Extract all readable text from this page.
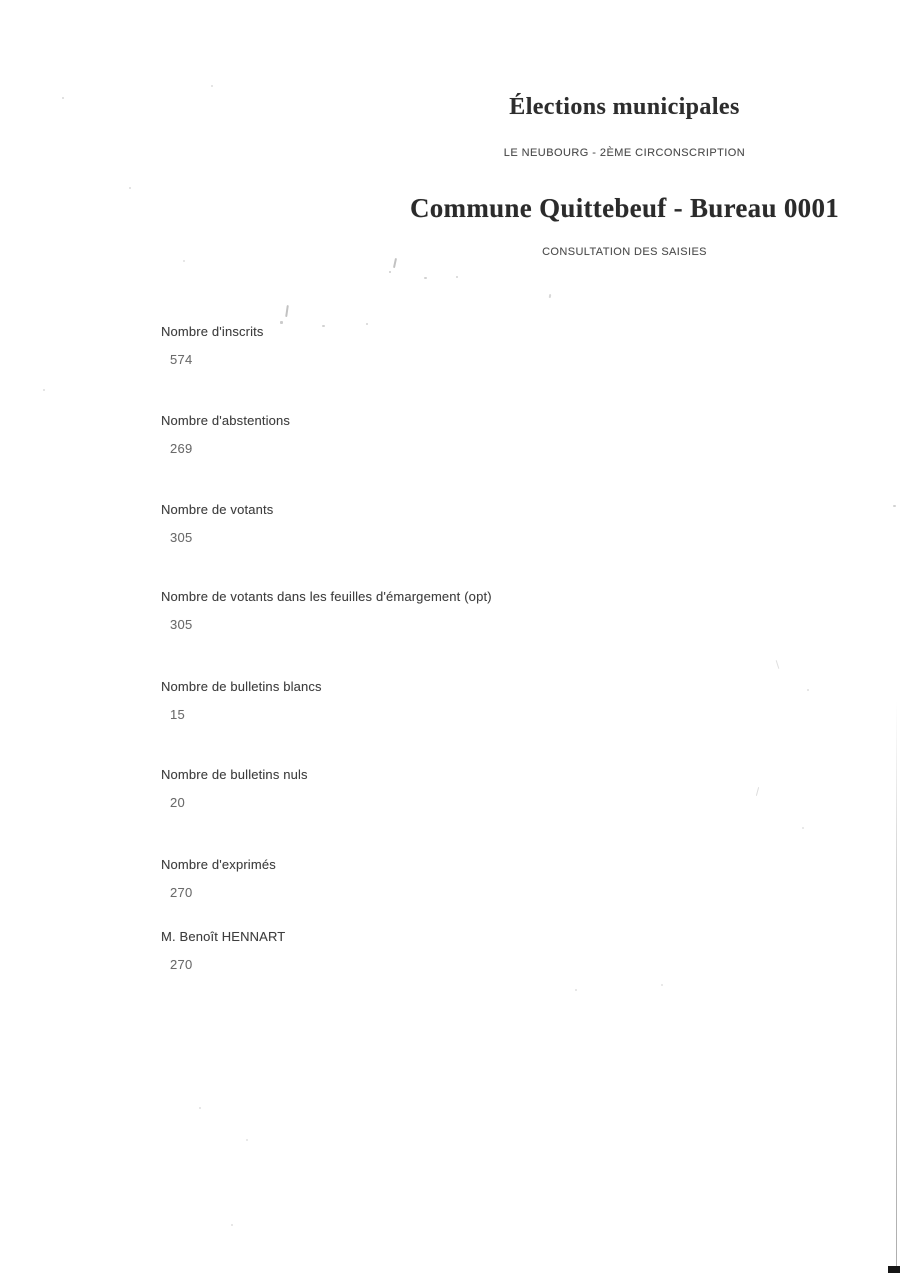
Élections municipales
LE NEUBOURG - 2ÈME CIRCONSCRIPTION
Commune Quittebeuf - Bureau 0001
CONSULTATION DES SAISIES
Nombre d'inscrits
574
Nombre d'abstentions
269
Nombre de votants
305
Nombre de votants dans les feuilles d'émargement (opt)
305
Nombre de bulletins blancs
15
Nombre de bulletins nuls
20
Nombre d'exprimés
270
M. Benoît HENNART
270
